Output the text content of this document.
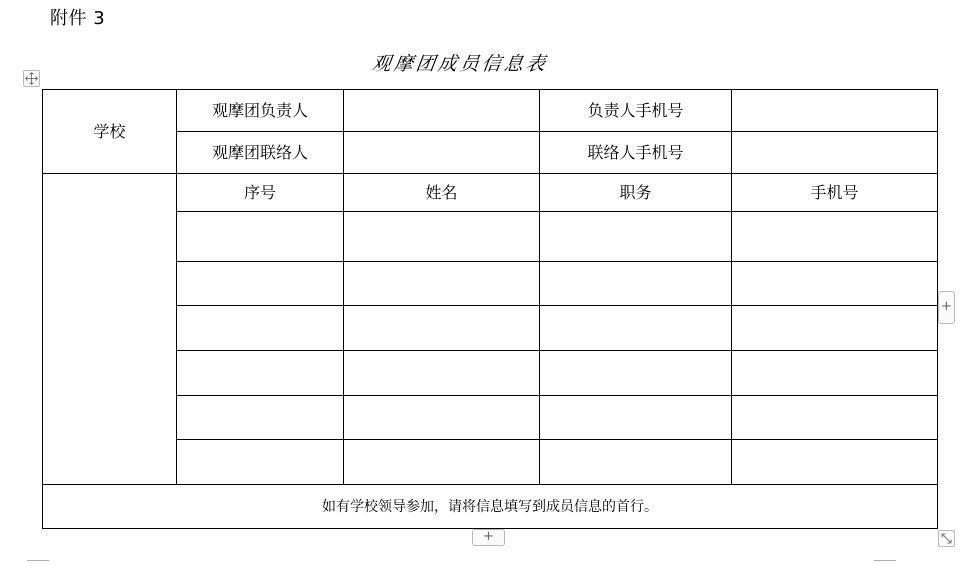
附件 3
观摩团成员信息表
学校	观摩团负责人		负责人手机号	
	观摩团联络人		联络人手机号	
	序号	姓名	职务	手机号

如有学校领导参加，请将信息填写到成员信息的首行。				
+
+
